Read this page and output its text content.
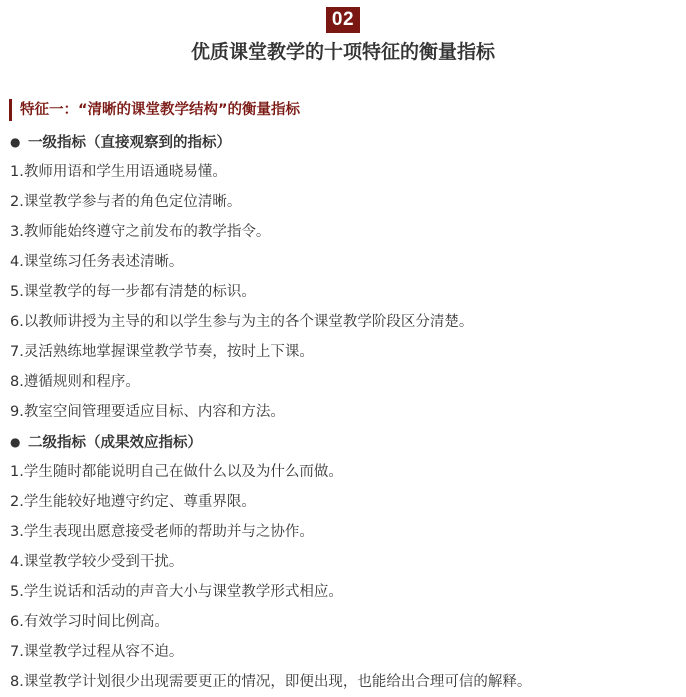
02
优质课堂教学的十项特征的衡量指标
特征一：“清晰的课堂教学结构”的衡量指标
● 一级指标（直接观察到的指标）
1.教师用语和学生用语通晓易懂。
2.课堂教学参与者的角色定位清晰。
3.教师能始终遵守之前发布的教学指令。
4.课堂练习任务表述清晰。
5.课堂教学的每一步都有清楚的标识。
6.以教师讲授为主导的和以学生参与为主的各个课堂教学阶段区分清楚。
7.灵活熟练地掌握课堂教学节奏，按时上下课。
8.遵循规则和程序。
9.教室空间管理要适应目标、内容和方法。
● 二级指标（成果效应指标）
1.学生随时都能说明自己在做什么以及为什么而做。
2.学生能较好地遵守约定、尊重界限。
3.学生表现出愿意接受老师的帮助并与之协作。
4.课堂教学较少受到干扰。
5.学生说话和活动的声音大小与课堂教学形式相应。
6.有效学习时间比例高。
7.课堂教学过程从容不迫。
8.课堂教学计划很少出现需要更正的情况，即便出现，也能给出合理可信的解释。
